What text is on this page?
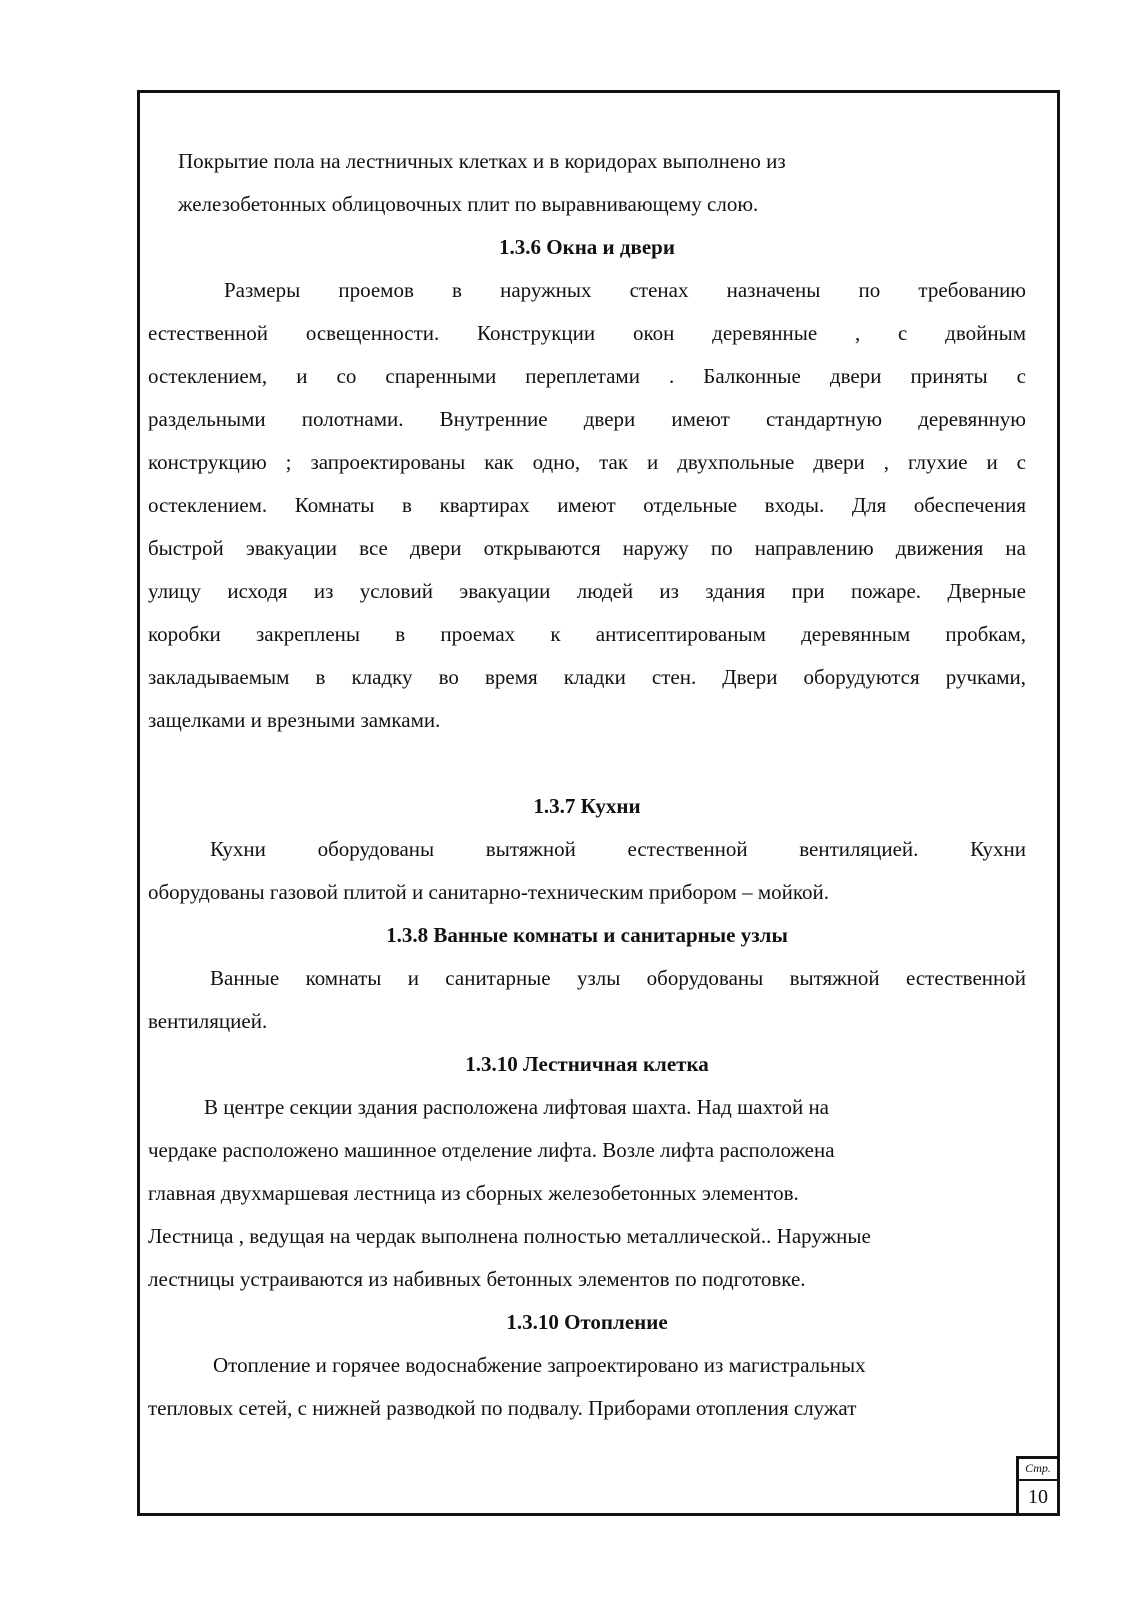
Покрытие пола на лестничных клетках и в коридорах выполнено из
железобетонных облицовочных плит по выравнивающему слою.
1.3.6 Окна и двери
Размеры проемов в наружных стенах назначены по требованию
естественной освещенности. Конструкции окон деревянные , с двойным
остеклением, и со спаренными переплетами . Балконные двери приняты с
раздельными полотнами. Внутренние двери имеют стандартную деревянную
конструкцию ; запроектированы как одно, так и двухпольные двери , глухие и с
остеклением. Комнаты в квартирах имеют отдельные входы. Для обеспечения
быстрой эвакуации все двери открываются наружу по направлению движения на
улицу исходя из условий эвакуации людей из здания при пожаре. Дверные
коробки закреплены в проемах к антисептированым деревянным пробкам,
закладываемым в кладку во время кладки стен. Двери оборудуются ручками,
защелками и врезными замками.
1.3.7 Кухни
Кухни оборудованы вытяжной естественной вентиляцией. Кухни
оборудованы газовой плитой и санитарно-техническим прибором – мойкой.
1.3.8 Ванные комнаты и санитарные узлы
Ванные комнаты и санитарные узлы оборудованы вытяжной естественной
вентиляцией.
1.3.10 Лестничная клетка
В центре секции здания расположена лифтовая шахта. Над шахтой на
чердаке расположено машинное отделение лифта. Возле лифта расположена
главная двухмаршевая лестница из сборных железобетонных элементов.
Лестница , ведущая на чердак выполнена полностью металлической.. Наружные
лестницы устраиваются из набивных бетонных элементов по подготовке.
1.3.10 Отопление
Отопление и горячее водоснабжение запроектировано из магистральных
тепловых сетей, с нижней разводкой по подвалу. Приборами отопления служат
Стр.
10
